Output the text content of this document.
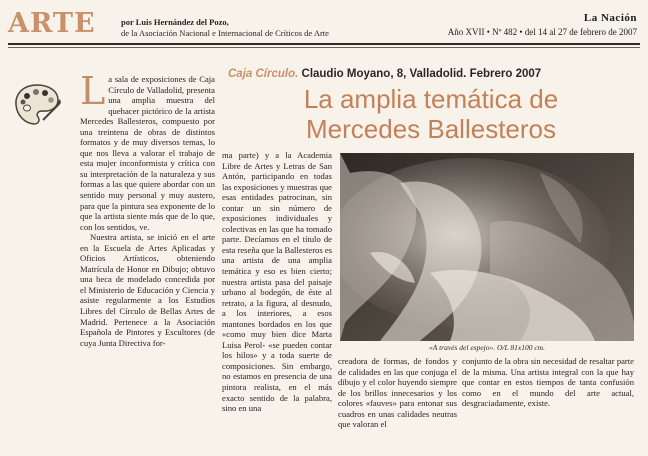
ARTE	por Luis Hernández del Pozo,
de la Asociación Nacional e Internacional de Críticos de Arte
La Nación
Año XVII • Nº 482 • del 14 al 27 de febrero de 2007
Caja Círculo. Claudio Moyano, 8, Valladolid. Febrero 2007
La amplia temática de
Mercedes Ballesteros

La sala de exposiciones de Caja Círculo de Valladolid, presenta una amplia muestra del quehacer pictórico de la artista Mercedes Ballesteros, compuesto por una treintena de obras de distintos formatos y de muy diversos temas, lo que nos lleva a valorar el trabajo de esta mujer inconformista y crítica con su interpretación de la naturaleza y sus formas a las que quiere abordar con un sentido muy personal y muy austero, para que la pintura sea exponente de lo que la artista siente más que de lo que, con los sentidos, ve.

Nuestra artista, se inició en el arte en la Escuela de Artes Aplicadas y Oficios Artísticos, obteniendo Matrícula de Honor en Dibujo; obtuvo una beca de modelado concedida por el Ministerio de Educación y Ciencia y asiste regularmente a los Estudios Libres del Círculo de Bellas Artes de Madrid. Pertenece a la Asociación Española de Pintores y Escultores (de cuya Junta Directiva for-

ma parte) y a la Academia Libre de Artes y Letras de San Antón, participando en todas las exposiciones y muestras que esas entidades patrocinan, sin contar un sin número de exposiciones individuales y colectivas en las que ha tomado parte. Decíamos en el título de esta reseña que la Ballesteros es una artista de una amplia temática y eso es bien cierto; nuestra artista pasa del paisaje urbano al bodegón, de éste al retrato, a la figura, al desnudo, a los interiores, a esos mantones bordados en los que «como muy bien dice Marta Luisa Perol- «se pueden contar los hilos» y a toda suerte de composiciones. Sin embargo, no estamos en presencia de una pintora realista, en el más exacto sentido de la palabra, sino en una

«A través del espejo». O/L 81x100 cm.

creadora de formas, de fondos y de calidades en las que conjuga el dibujo y el color huyendo siempre de los brillos innecesarios y los colores «fauves» para entonar sus cuadros en unas calidades neutras que valoran el

conjunto de la obra sin necesidad de resaltar parte de la misma. Una artista integral con la que hay que contar en estos tiempos de tanta confusión como en el mundo del arte actual, desgraciadamente, existe.
